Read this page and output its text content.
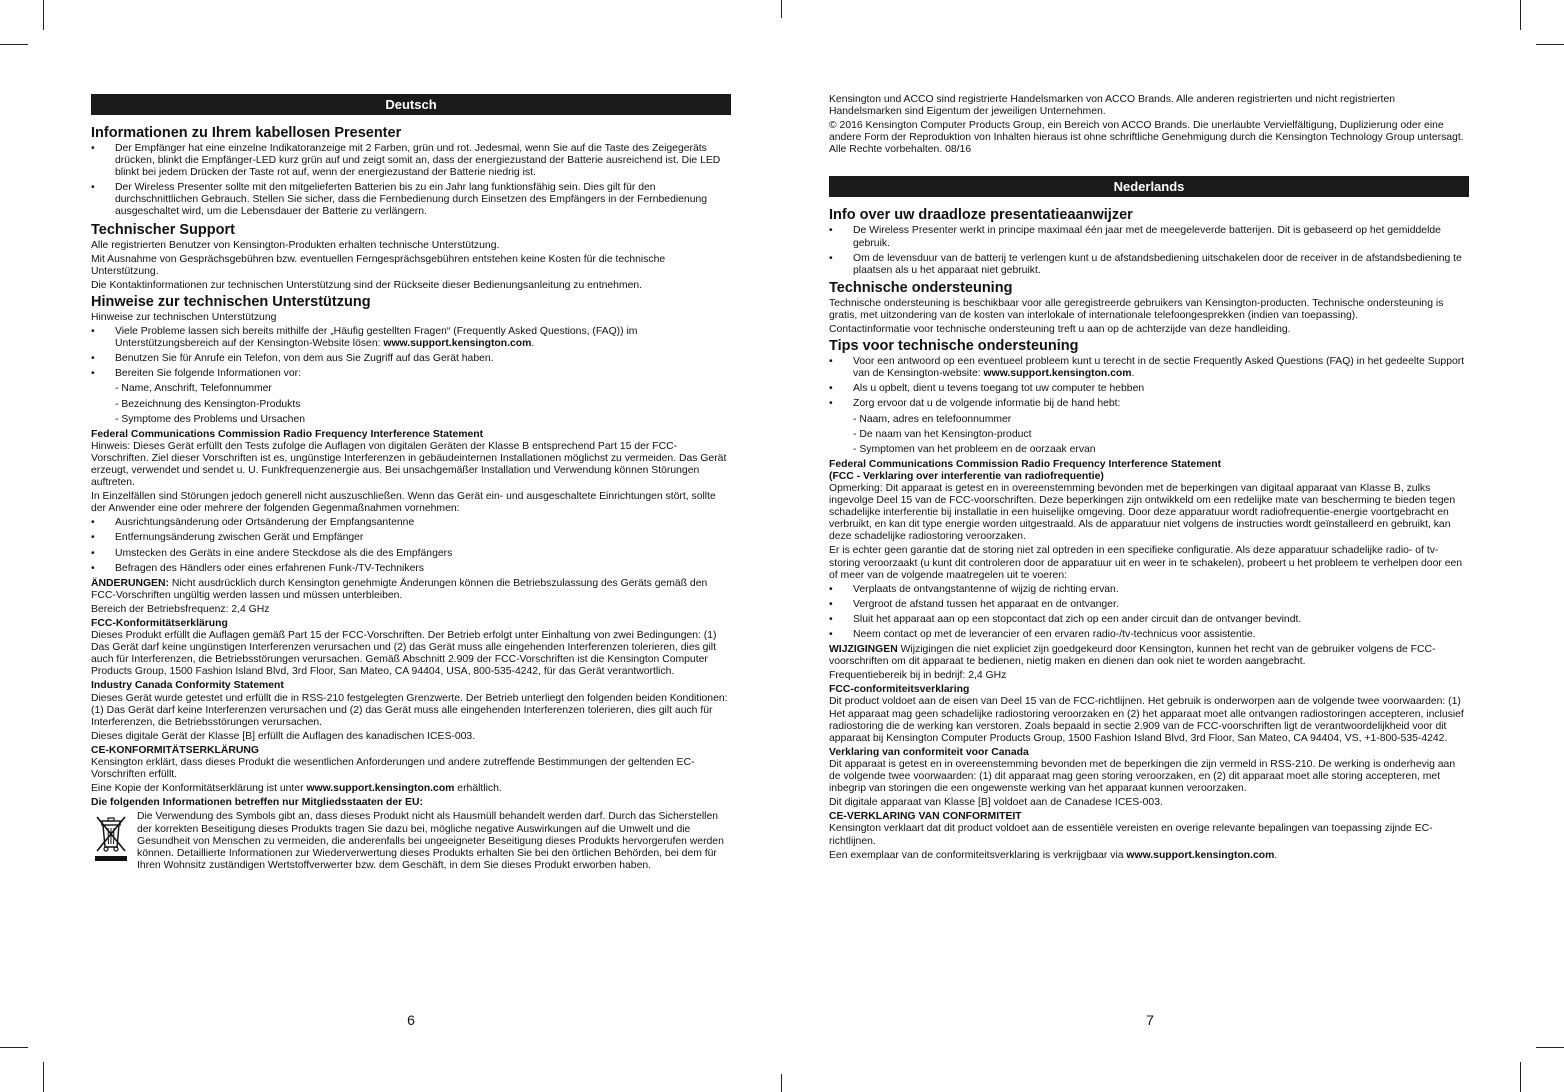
Deutsch
Informationen zu Ihrem kabellosen Presenter
• Der Empfänger hat eine einzelne Indikatoranzeige mit 2 Farben, grün und rot. Jedesmal, wenn Sie auf die Taste des Zeigegeräts drücken, blinkt die Empfänger-LED kurz grün auf und zeigt somit an, dass der energiezustand der Batterie ausreichend ist. Die LED blinkt bei jedem Drücken der Taste rot auf, wenn der energiezustand der Batterie niedrig ist.
• Der Wireless Presenter sollte mit den mitgelieferten Batterien bis zu ein Jahr lang funktionsfähig sein. Dies gilt für den durchschnittlichen Gebrauch. Stellen Sie sicher, dass die Fernbedienung durch Einsetzen des Empfängers in der Fernbedienung ausgeschaltet wird, um die Lebensdauer der Batterie zu verlängern.
Technischer Support

Alle registrierten Benutzer von Kensington-Produkten erhalten technische Unterstützung.

Mit Ausnahme von Gesprächsgebühren bzw. eventuellen Ferngesprächsgebühren entstehen keine Kosten für die technische Unterstützung.

Die Kontaktinformationen zur technischen Unterstützung sind der Rückseite dieser Bedienungsanleitung zu entnehmen.

Hinweise zur technischen Unterstützung

Hinweise zur technischen Unterstützung

• Viele Probleme lassen sich bereits mithilfe der „Häufig gestellten Fragen“ (Frequently Asked Questions, (FAQ)) im Unterstützungsbereich auf der Kensington-Website lösen: www.support.kensington.com.
• Benutzen Sie für Anrufe ein Telefon, von dem aus Sie Zugriff auf das Gerät haben.
• Bereiten Sie folgende Informationen vor:
- Name, Anschrift, Telefonnummer
- Bezeichnung des Kensington-Produkts
- Symptome des Problems und Ursachen
Federal Communications Commission Radio Frequency Interference Statement

Hinweis: Dieses Gerät erfüllt den Tests zufolge die Auflagen von digitalen Geräten der Klasse B entsprechend Part 15 der FCC-Vorschriften. Ziel dieser Vorschriften ist es, ungünstige Interferenzen in gebäudeinternen Installationen möglichst zu vermeiden. Das Gerät erzeugt, verwendet und sendet u. U. Funkfrequenzenergie aus. Bei unsachgemäßer Installation und Verwendung können Störungen auftreten.

In Einzelfällen sind Störungen jedoch generell nicht auszuschließen. Wenn das Gerät ein- und ausgeschaltete Einrichtungen stört, sollte der Anwender eine oder mehrere der folgenden Gegenmaßnahmen vornehmen:

• Ausrichtungsänderung oder Ortsänderung der Empfangsantenne
• Entfernungsänderung zwischen Gerät und Empfänger
• Umstecken des Geräts in eine andere Steckdose als die des Empfängers
• Befragen des Händlers oder eines erfahrenen Funk-/TV-Technikers

ÄNDERUNGEN: Nicht ausdrücklich durch Kensington genehmigte Änderungen können die Betriebszulassung des Geräts gemäß den FCC-Vorschriften ungültig werden lassen und müssen unterbleiben.

Bereich der Betriebsfrequenz: 2,4 GHz

FCC-Konformitätserklärung

Dieses Produkt erfüllt die Auflagen gemäß Part 15 der FCC-Vorschriften. Der Betrieb erfolgt unter Einhaltung von zwei Bedingungen: (1) Das Gerät darf keine ungünstigen Interferenzen verursachen und (2) das Gerät muss alle eingehenden Interferenzen tolerieren, dies gilt auch für Interferenzen, die Betriebsstörungen verursachen. Gemäß Abschnitt 2.909 der FCC-Vorschriften ist die Kensington Computer Products Group, 1500 Fashion Island Blvd, 3rd Floor, San Mateo, CA 94404, USA, 800-535-4242, für das Gerät verantwortlich.

Industry Canada Conformity Statement

Dieses Gerät wurde getestet und erfüllt die in RSS-210 festgelegten Grenzwerte. Der Betrieb unterliegt den folgenden beiden Konditionen: (1) Das Gerät darf keine Interferenzen verursachen und (2) das Gerät muss alle eingehenden Interferenzen tolerieren, dies gilt auch für Interferenzen, die Betriebsstörungen verursachen.

Dieses digitale Gerät der Klasse [B] erfüllt die Auflagen des kanadischen ICES-003.

CE-KONFORMITÄTSERKLÄRUNG

Kensington erklärt, dass dieses Produkt die wesentlichen Anforderungen und andere zutreffende Bestimmungen der geltenden EC-Vorschriften erfüllt.

Eine Kopie der Konformitätserklärung ist unter www.support.kensington.com erhältlich.

Die folgenden Informationen betreffen nur Mitgliedsstaaten der EU:
Die Verwendung des Symbols gibt an, dass dieses Produkt nicht als Hausmüll behandelt werden darf. Durch das Sicherstellen der korrekten Beseitigung dieses Produkts tragen Sie dazu bei, mögliche negative Auswirkungen auf die Umwelt und die Gesundheit von Menschen zu vermeiden, die anderenfalls bei ungeeigneter Beseitigung dieses Produkts hervorgerufen werden können. Detaillierte Informationen zur Wiederverwertung dieses Produkts erhalten Sie bei den örtlichen Behörden, bei dem für Ihren Wohnsitz zuständigen Wertstoffverwerter bzw. dem Geschäft, in dem Sie dieses Produkt erworben haben.
6

Kensington und ACCO sind registrierte Handelsmarken von ACCO Brands. Alle anderen registrierten und nicht registrierten Handelsmarken sind Eigentum der jeweiligen Unternehmen.

© 2016 Kensington Computer Products Group, ein Bereich von ACCO Brands. Die unerlaubte Vervielfältigung, Duplizierung oder eine andere Form der Reproduktion von Inhalten hieraus ist ohne schriftliche Genehmigung durch die Kensington Technology Group untersagt. Alle Rechte vorbehalten. 08/16

Nederlands
Info over uw draadloze presentatieaanwijzer
• De Wireless Presenter werkt in principe maximaal één jaar met de meegeleverde batterijen. Dit is gebaseerd op het gemiddelde gebruik.
• Om de levensduur van de batterij te verlengen kunt u de afstandsbediening uitschakelen door de receiver in de afstandsbediening te plaatsen als u het apparaat niet gebruikt.
Technische ondersteuning

Technische ondersteuning is beschikbaar voor alle geregistreerde gebruikers van Kensington-producten. Technische ondersteuning is gratis, met uitzondering van de kosten van interlokale of internationale telefoongesprekken (indien van toepassing).

Contactinformatie voor technische ondersteuning treft u aan op de achterzijde van deze handleiding.

Tips voor technische ondersteuning
• Voor een antwoord op een eventueel probleem kunt u terecht in de sectie Frequently Asked Questions (FAQ) in het gedeelte Support van de Kensington-website: www.support.kensington.com.
• Als u opbelt, dient u tevens toegang tot uw computer te hebben
• Zorg ervoor dat u de volgende informatie bij de hand hebt:
- Naam, adres en telefoonnummer
- De naam van het Kensington-product
- Symptomen van het probleem en de oorzaak ervan
Federal Communications Commission Radio Frequency Interference Statement
(FCC - Verklaring over interferentie van radiofrequentie)

Opmerking: Dit apparaat is getest en in overeenstemming bevonden met de beperkingen van digitaal apparaat van Klasse B, zulks ingevolge Deel 15 van de FCC-voorschriften. Deze beperkingen zijn ontwikkeld om een redelijke mate van bescherming te bieden tegen schadelijke interferentie bij installatie in een huiselijke omgeving. Door deze apparatuur wordt radiofrequentie-energie voortgebracht en verbruikt, en kan dit type energie worden uitgestraald. Als de apparatuur niet volgens de instructies wordt geïnstalleerd en gebruikt, kan deze schadelijke radiostoring veroorzaken.

Er is echter geen garantie dat de storing niet zal optreden in een specifieke configuratie. Als deze apparatuur schadelijke radio- of tv-storing veroorzaakt (u kunt dit controleren door de apparatuur uit en weer in te schakelen), probeert u het probleem te verhelpen door een of meer van de volgende maatregelen uit te voeren:

• Verplaats de ontvangstantenne of wijzig de richting ervan.
• Vergroot de afstand tussen het apparaat en de ontvanger.
• Sluit het apparaat aan op een stopcontact dat zich op een ander circuit dan de ontvanger bevindt.
• Neem contact op met de leverancier of een ervaren radio-/tv-technicus voor assistentie.

WIJZIGINGEN Wijzigingen die niet expliciet zijn goedgekeurd door Kensington, kunnen het recht van de gebruiker volgens de FCC-voorschriften om dit apparaat te bedienen, nietig maken en dienen dan ook niet te worden aangebracht.

Frequentiebereik bij in bedrijf: 2,4 GHz

FCC-conformiteitsverklaring

Dit product voldoet aan de eisen van Deel 15 van de FCC-richtlijnen. Het gebruik is onderworpen aan de volgende twee voorwaarden: (1) Het apparaat mag geen schadelijke radiostoring veroorzaken en (2) het apparaat moet alle ontvangen radiostoringen accepteren, inclusief radiostoring die de werking kan verstoren. Zoals bepaald in sectie 2.909 van de FCC-voorschriften ligt de verantwoordelijkheid voor dit apparaat bij Kensington Computer Products Group, 1500 Fashion Island Blvd, 3rd Floor, San Mateo, CA 94404, VS, +1-800-535-4242.

Verklaring van conformiteit voor Canada

Dit apparaat is getest en in overeenstemming bevonden met de beperkingen die zijn vermeld in RSS-210. De werking is onderhevig aan de volgende twee voorwaarden: (1) dit apparaat mag geen storing veroorzaken, en (2) dit apparaat moet alle storing accepteren, met inbegrip van storingen die een ongewenste werking van het apparaat kunnen veroorzaken.

Dit digitale apparaat van Klasse [B] voldoet aan de Canadese ICES-003.

CE-VERKLARING VAN CONFORMITEIT

Kensington verklaart dat dit product voldoet aan de essentiële vereisten en overige relevante bepalingen van toepassing zijnde EC-richtlijnen.

Een exemplaar van de conformiteitsverklaring is verkrijgbaar via www.support.kensington.com.

7
